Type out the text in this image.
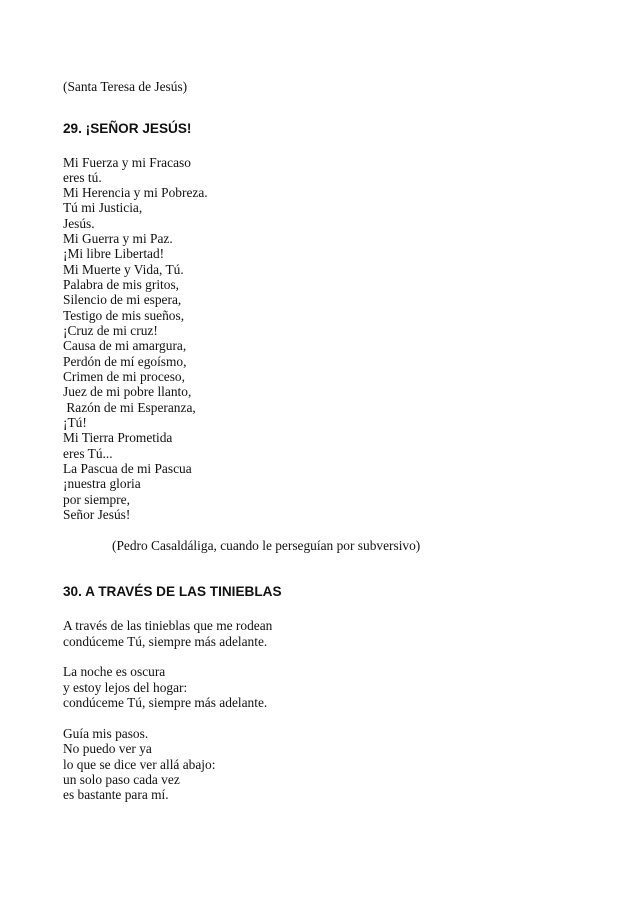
(Santa Teresa de Jesús)
29. ¡SEÑOR JESÚS!
Mi Fuerza y mi Fracaso
eres tú.
Mi Herencia y mi Pobreza.
Tú mi Justicia,
Jesús.
Mi Guerra y mi Paz.
¡Mi libre Libertad!
Mi Muerte y Vida, Tú.
Palabra de mis gritos,
Silencio de mi espera,
Testigo de mis sueños,
¡Cruz de mi cruz!
Causa de mi amargura,
Perdón de mí egoísmo,
Crimen de mi proceso,
Juez de mi pobre llanto,
Razón de mi Esperanza,
¡Tú!
Mi Tierra Prometida
eres Tú...
La Pascua de mi Pascua
¡nuestra gloria
por siempre,
Señor Jesús!
(Pedro Casaldáliga, cuando le perseguían por subversivo)
30. A TRAVÉS DE LAS TINIEBLAS
A través de las tinieblas que me rodean
condúceme Tú, siempre más adelante.
La noche es oscura
y estoy lejos del hogar:
condúceme Tú, siempre más adelante.
Guía mis pasos.
No puedo ver ya
lo que se dice ver allá abajo:
un solo paso cada vez
es bastante para mí.
